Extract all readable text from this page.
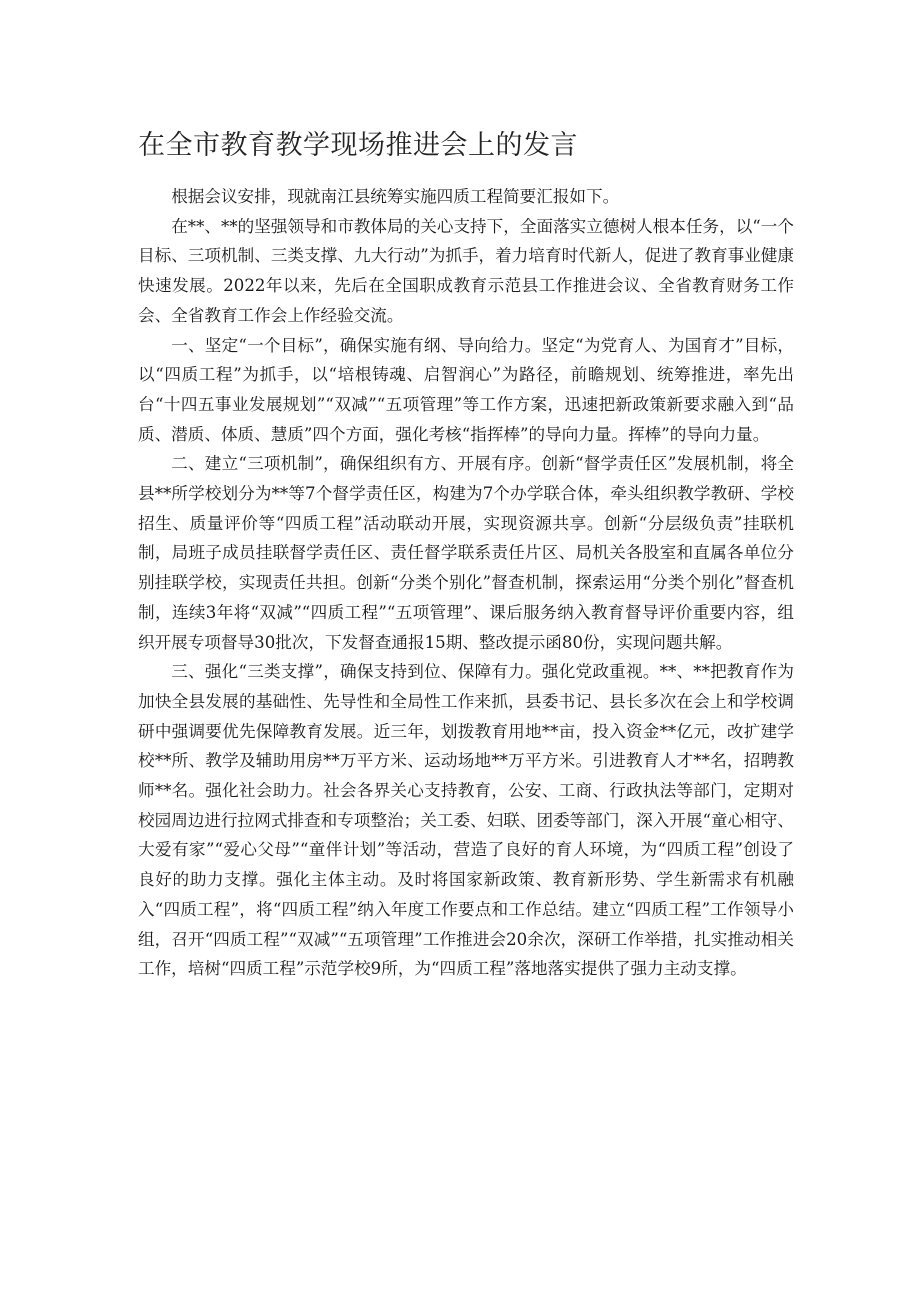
在全市教育教学现场推进会上的发言

根据会议安排，现就南江县统筹实施四质工程简要汇报如下。

在**、**的坚强领导和市教体局的关心支持下，全面落实立德树人根本任务，以“一个目标、三项机制、三类支撑、九大行动”为抓手，着力培育时代新人，促进了教育事业健康快速发展。2022年以来，先后在全国职成教育示范县工作推进会议、全省教育财务工作会、全省教育工作会上作经验交流。

一、坚定“一个目标”，确保实施有纲、导向给力。坚定“为党育人、为国育才”目标，以“四质工程”为抓手，以“培根铸魂、启智润心”为路径，前瞻规划、统筹推进，率先出台“十四五事业发展规划”“双减”“五项管理”等工作方案，迅速把新政策新要求融入到“品质、潜质、体质、慧质”四个方面，强化考核“指挥棒”的导向力量。挥棒”的导向力量。

二、建立“三项机制”，确保组织有方、开展有序。创新“督学责任区”发展机制，将全县**所学校划分为**等7个督学责任区，构建为7个办学联合体，牵头组织教学教研、学校招生、质量评价等“四质工程”活动联动开展，实现资源共享。创新“分层级负责”挂联机制，局班子成员挂联督学责任区、责任督学联系责任片区、局机关各股室和直属各单位分别挂联学校，实现责任共担。创新“分类个别化”督查机制，探索运用“分类个别化”督查机制，连续3年将“双减”“四质工程”“五项管理”、课后服务纳入教育督导评价重要内容，组织开展专项督导30批次，下发督查通报15期、整改提示函80份，实现问题共解。

三、强化“三类支撑”，确保支持到位、保障有力。强化党政重视。**、**把教育作为加快全县发展的基础性、先导性和全局性工作来抓，县委书记、县长多次在会上和学校调研中强调要优先保障教育发展。近三年，划拨教育用地**亩，投入资金**亿元，改扩建学校**所、教学及辅助用房**万平方米、运动场地**万平方米。引进教育人才**名，招聘教师**名。强化社会助力。社会各界关心支持教育，公安、工商、行政执法等部门，定期对校园周边进行拉网式排查和专项整治；关工委、妇联、团委等部门，深入开展“童心相守、大爱有家”“爱心父母”“童伴计划”等活动，营造了良好的育人环境，为“四质工程”创设了良好的助力支撑。强化主体主动。及时将国家新政策、教育新形势、学生新需求有机融入“四质工程”，将“四质工程”纳入年度工作要点和工作总结。建立“四质工程”工作领导小组，召开“四质工程”“双减”“五项管理”工作推进会20余次，深研工作举措，扎实推动相关工作，培树“四质工程”示范学校9所，为“四质工程”落地落实提供了强力主动支撑。
